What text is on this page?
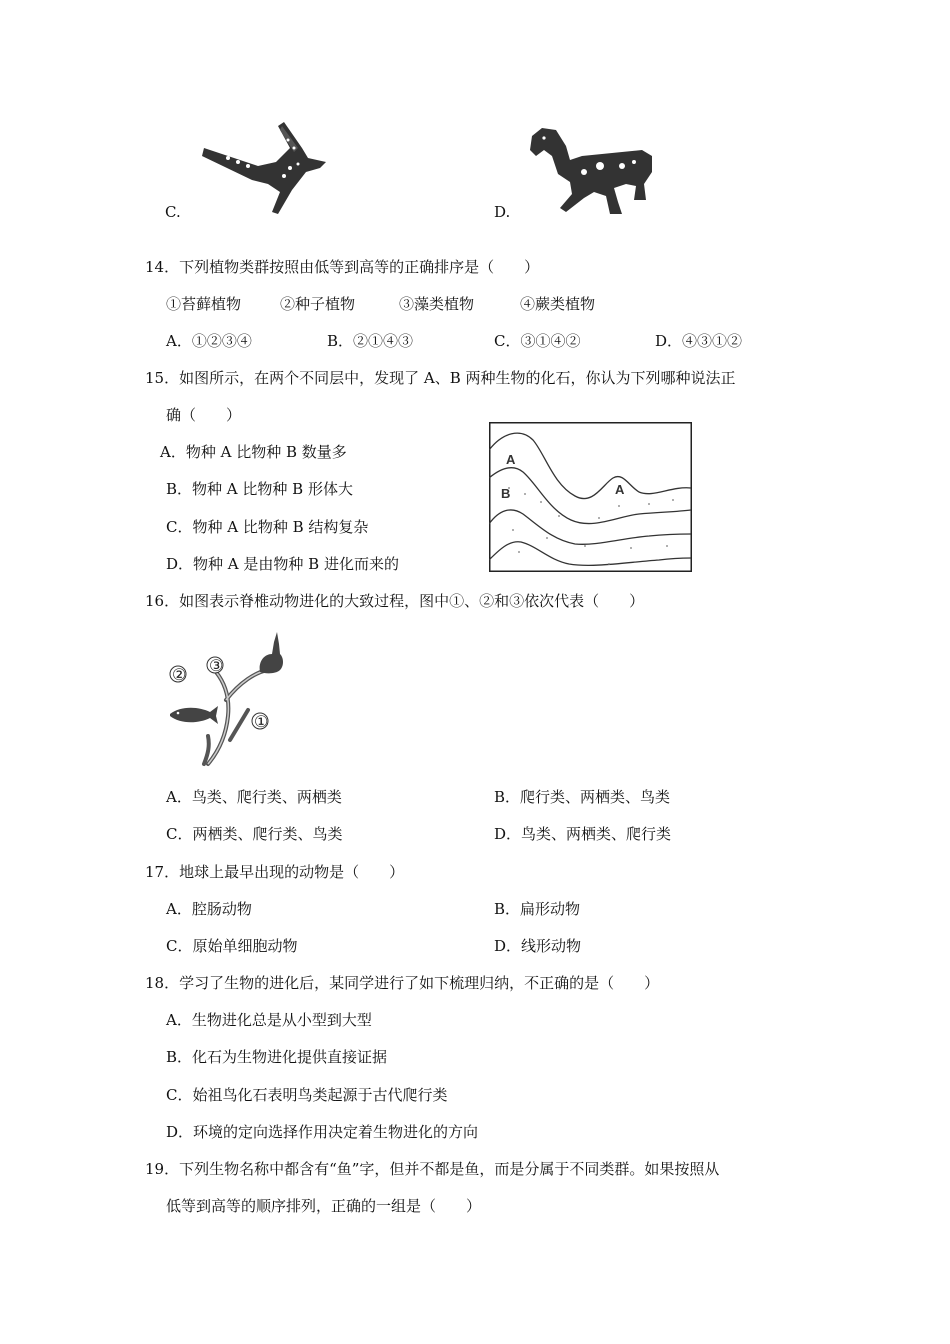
C.	D.
14．下列植物类群按照由低等到高等的正确排序是（　　）
①苔藓植物	②种子植物	③藻类植物	④蕨类植物
A．①②③④	B．②①④③	C．③①④②	D．④③①②
15．如图所示，在两个不同层中，发现了 A、B 两种生物的化石，你认为下列哪种说法正
确（　　）
A．物种 A 比物种 B 数量多
B．物种 A 比物种 B 形体大
C．物种 A 比物种 B 结构复杂
D．物种 A 是由物种 B 进化而来的
A
B	A
16．如图表示脊椎动物进化的大致过程，图中①、②和③依次代表（　　）
② ③
①
A．鸟类、爬行类、两栖类	B．爬行类、两栖类、鸟类
C．两栖类、爬行类、鸟类	D．鸟类、两栖类、爬行类
17．地球上最早出现的动物是（　　）
A．腔肠动物	B．扁形动物
C．原始单细胞动物	D．线形动物
18．学习了生物的进化后，某同学进行了如下梳理归纳，不正确的是（　　）
A．生物进化总是从小型到大型
B．化石为生物进化提供直接证据
C．始祖鸟化石表明鸟类起源于古代爬行类
D．环境的定向选择作用决定着生物进化的方向
19．下列生物名称中都含有“鱼”字，但并不都是鱼，而是分属于不同类群。如果按照从
低等到高等的顺序排列，正确的一组是（　　）
